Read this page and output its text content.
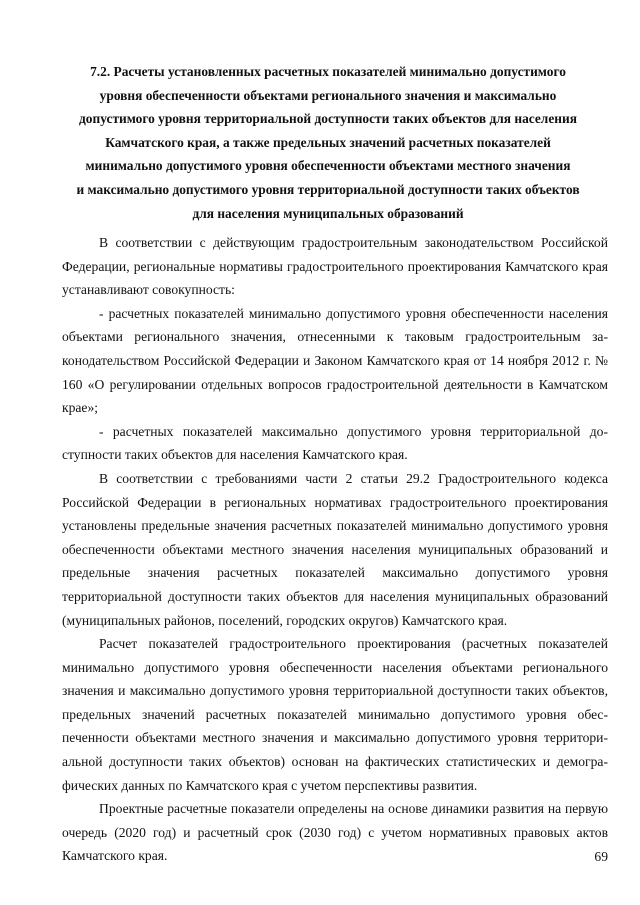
7.2. Расчеты установленных расчетных показателей минимально допустимого
уровня обеспеченности объектами регионального значения и максимально
допустимого уровня территориальной доступности таких объектов для населения
Камчатского края, а также предельных значений расчетных показателей
минимально допустимого уровня обеспеченности объектами местного значения
и максимально допустимого уровня территориальной доступности таких объектов
для населения муниципальных образований

В соответствии с действующим градостроительным законодательством Российской Федерации, региональные нормативы градостроительного проектирования Камчатского края устанавливают совокупность:

- расчетных показателей минимально допустимого уровня обеспеченности населения объектами регионального значения, отнесенными к таковым градостроительным законодательством Российской Федерации и Законом Камчатского края от 14 ноября 2012 г. № 160 «О регулировании отдельных вопросов градостроительной деятельности в Камчатском крае»;

- расчетных показателей максимально допустимого уровня территориальной доступности таких объектов для населения Камчатского края.

В соответствии с требованиями части 2 статьи 29.2 Градостроительного кодекса Российской Федерации в региональных нормативах градостроительного проектирования установлены предельные значения расчетных показателей минимально допустимого уровня обеспеченности объектами местного значения населения муниципальных образований и предельные значения расчетных показателей максимально допустимого уровня территориальной доступности таких объектов для населения муниципальных образований (муниципальных районов, поселений, городских округов) Камчатского края.

Расчет показателей градостроительного проектирования (расчетных показателей минимально допустимого уровня обеспеченности населения объектами регионального значения и максимально допустимого уровня территориальной доступности таких объектов, предельных значений расчетных показателей минимально допустимого уровня обеспеченности объектами местного значения и максимально допустимого уровня территориальной доступности таких объектов) основан на фактических статистических и демографических данных по Камчатского края с учетом перспективы развития.

Проектные расчетные показатели определены на основе динамики развития на первую очередь (2020 год) и расчетный срок (2030 год) с учетом нормативных правовых актов Камчатского края.	69
